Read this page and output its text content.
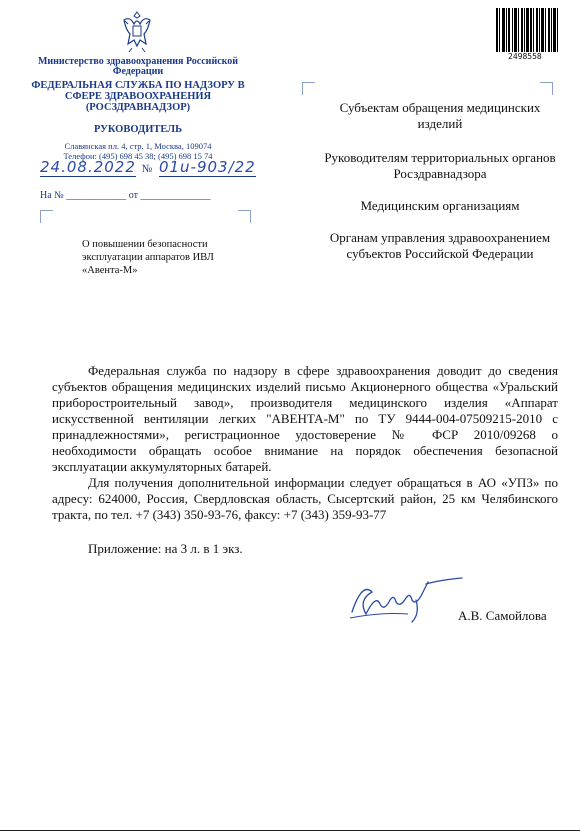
Министерство здравоохранения Российской Федерации
ФЕДЕРАЛЬНАЯ СЛУЖБА ПО НАДЗОРУ В СФЕРЕ ЗДРАВООХРАНЕНИЯ (РОСЗДРАВНАДЗОР)
РУКОВОДИТЕЛЬ
Славянская пл. 4, стр. 1, Москва, 109074
Телефон: (495) 698 45 38; (495) 698 15 74
24.08.2022 № 01u-903/22
На № ____________ от ______________
2498558
Субъектам обращения медицинских изделий
Руководителям территориальных органов Росздравнадзора
Медицинским организациям
Органам управления здравоохранением субъектов Российской Федерации
О повышении безопасности эксплуатации аппаратов ИВЛ «Авента-М»

Федеральная служба по надзору в сфере здравоохранения доводит до сведения субъектов обращения медицинских изделий письмо Акционерного общества «Уральский приборостроительный завод», производителя медицинского изделия «Аппарат искусственной вентиляции легких "АВЕНТА-М" по ТУ 9444-004-07509215-2010 с принадлежностями», регистрационное удостоверение № ФСР 2010/09268 о необходимости обращать особое внимание на порядок обеспечения безопасной эксплуатации аккумуляторных батарей.

Для получения дополнительной информации следует обращаться в АО «УПЗ» по адресу: 624000, Россия, Свердловская область, Сысертский район, 25 км Челябинского тракта, по тел. +7 (343) 350-93-76, факсу: +7 (343) 359-93-77

Приложение: на 3 л. в 1 экз.
А.В. Самойлова
